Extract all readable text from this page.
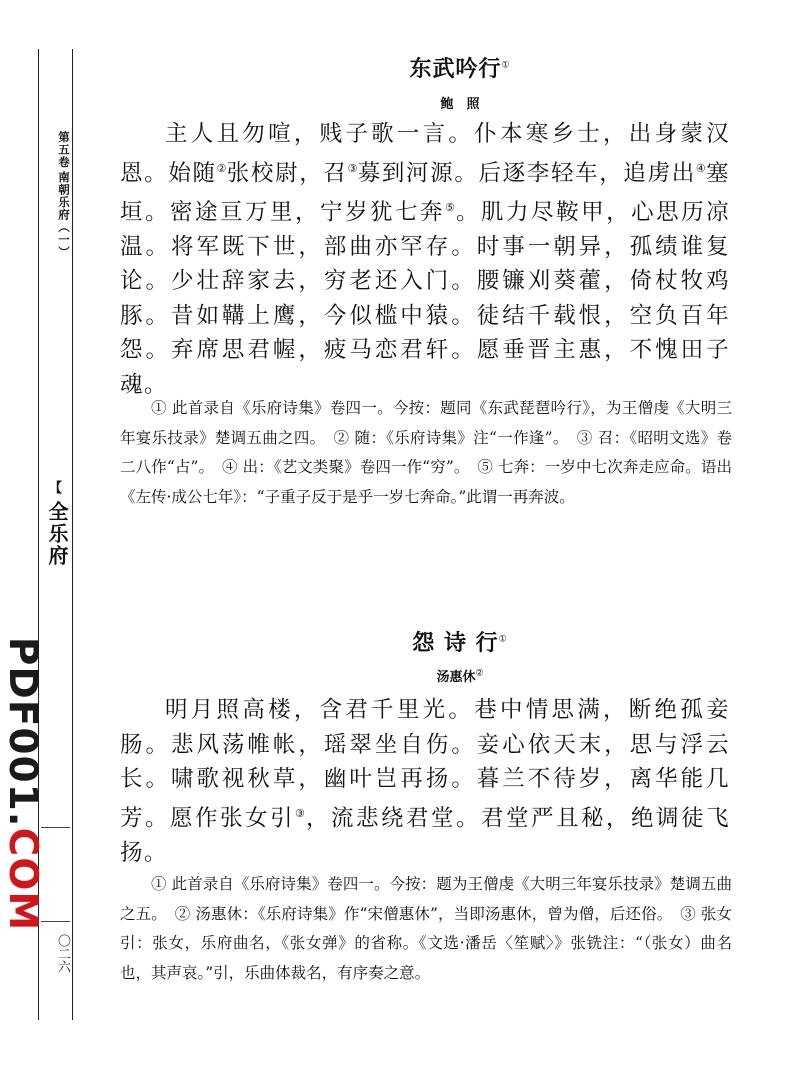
第五卷
南朝乐府（一）
【
全乐府
〇二六
PDF001.COM
东武吟行①
鲍　照

主人且勿喧，贱子歌一言。仆本寒乡士，出身蒙汉恩。始随②张校尉，召③募到河源。后逐李轻车，追虏出④塞垣。密途亘万里，宁岁犹七奔⑤。肌力尽鞍甲，心思历凉温。将军既下世，部曲亦罕存。时事一朝异，孤绩谁复论。少壮辞家去，穷老还入门。腰镰刈葵藿，倚杖牧鸡豚。昔如鞲上鹰，今似槛中猿。徒结千载恨，空负百年怨。弃席思君幄，疲马恋君轩。愿垂晋主惠，不愧田子魂。

① 此首录自《乐府诗集》卷四一。今按：题同《东武琵琶吟行》，为王僧虔《大明三年宴乐技录》楚调五曲之四。　② 随：《乐府诗集》注“一作逢”。　③ 召：《昭明文选》卷二八作“占”。　④ 出：《艺文类聚》卷四一作“穷”。　⑤ 七奔：一岁中七次奔走应命。语出《左传·成公七年》：“子重子反于是乎一岁七奔命。”此谓一再奔波。

怨 诗 行①
汤惠休②

明月照高楼，含君千里光。巷中情思满，断绝孤妾肠。悲风荡帷帐，瑶翠坐自伤。妾心依天末，思与浮云长。啸歌视秋草，幽叶岂再扬。暮兰不待岁，离华能几芳。愿作张女引③，流悲绕君堂。君堂严且秘，绝调徒飞扬。

① 此首录自《乐府诗集》卷四一。今按：题为王僧虔《大明三年宴乐技录》楚调五曲之五。　② 汤惠休：《乐府诗集》作“宋僧惠休”，当即汤惠休，曾为僧，后还俗。　③ 张女引：张女，乐府曲名，《张女弹》的省称。《文选·潘岳〈笙赋〉》张铣注：“（张女）曲名也，其声哀。”引，乐曲体裁名，有序奏之意。
